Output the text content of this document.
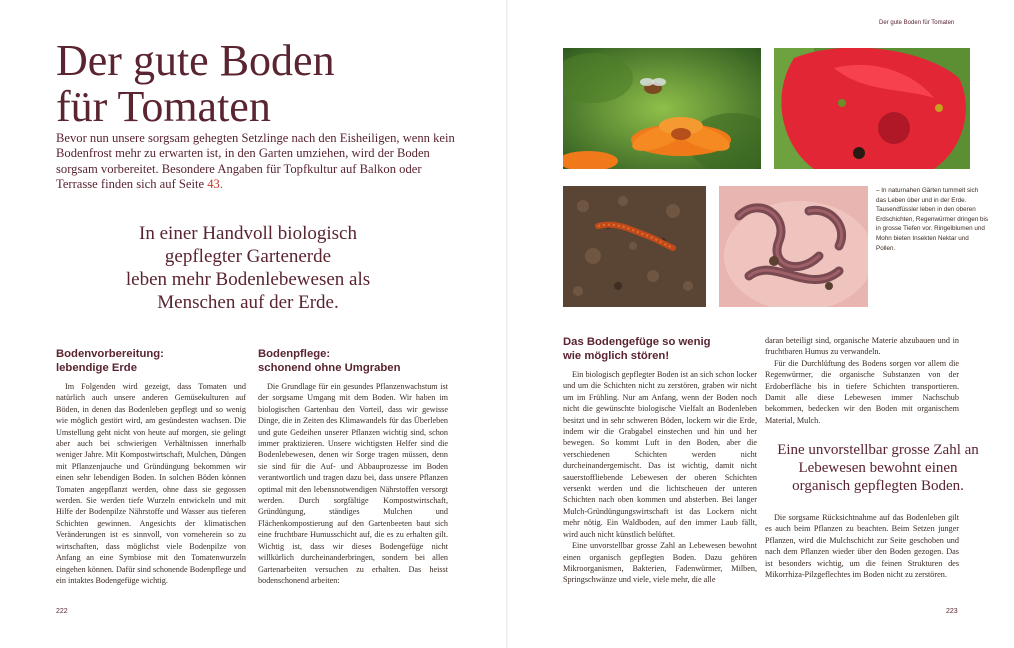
Der gute Boden
für Tomaten

Bevor nun unsere sorgsam gehegten Setzlinge nach den Eisheiligen, wenn kein Bodenfrost mehr zu erwarten ist, in den Garten umziehen, wird der Boden sorgsam vorbereitet. Besondere Angaben für Topfkultur auf Balkon oder Terrasse finden sich auf Seite 43.

In einer Handvoll biologisch
gepflegter Gartenerde
leben mehr Bodenlebewesen als
Menschen auf der Erde.

Bodenvorbereitung:
lebendige Erde

Im Folgenden wird gezeigt, dass Tomaten und natürlich auch unsere anderen Gemüsekulturen auf Böden, in denen das Bodenleben gepflegt und so wenig wie möglich gestört wird, am gesündesten wachsen. Die Umstellung geht nicht von heute auf morgen, sie gelingt aber auch bei schwierigen Verhältnissen innerhalb weniger Jahre. Mit Kompostwirtschaft, Mulchen, Düngen mit Pflanzenjauche und Gründüngung bekommen wir einen sehr lebendigen Boden. In solchen Böden können Tomaten angepflanzt werden, ohne dass sie gegossen werden. Sie werden tiefe Wurzeln entwickeln und mit Hilfe der Bodenpilze Nährstoffe und Wasser aus tieferen Schichten gewinnen. Angesichts der klimatischen Veränderungen ist es sinnvoll, von vorneherein so zu wirtschaften, dass möglichst viele Bodenpilze von Anfang an eine Symbiose mit den Tomatenwurzeln eingehen können. Dafür sind schonende Bodenpflege und ein intaktes Bodengefüge wichtig.

Bodenpflege:
schonend ohne Umgraben

Die Grundlage für ein gesundes Pflanzenwachstum ist der sorgsame Umgang mit dem Boden. Wir haben im biologischen Gartenbau den Vorteil, dass wir gewisse Dinge, die in Zeiten des Klimawandels für das Überleben und gute Gedeihen unserer Pflanzen wichtig sind, schon immer praktizieren. Unsere wichtigsten Helfer sind die Bodenlebewesen, denen wir Sorge tragen müssen, denn sie sind für die Auf- und Abbauprozesse im Boden verantwortlich und tragen dazu bei, dass unsere Pflanzen optimal mit den lebensnotwendigen Nährstoffen versorgt werden. Durch sorgfältige Kompostwirtschaft, Gründüngung, ständiges Mulchen und Flächenkompostierung auf den Gartenbeeten baut sich eine fruchtbare Humusschicht auf, die es zu erhalten gilt. Wichtig ist, dass wir dieses Bodengefüge nicht willkürlich durcheinanderbringen, sondern bei allen Gartenarbeiten versuchen zu erhalten. Das heisst bodenschonend arbeiten:

222
Der gute Boden für Tomaten

– In naturnahen Gärten tummelt sich das Leben über und in der Erde. Tausendfüssler leben in den oberen Erdschichten, Regenwürmer dringen bis in grosse Tiefen vor. Ringelblumen und Mohn bieten Insekten Nektar und Pollen.

Das Bodengefüge so wenig
wie möglich stören!

Ein biologisch gepflegter Boden ist an sich schon locker und um die Schichten nicht zu zerstören, graben wir nicht um im Frühling. Nur am Anfang, wenn der Boden noch nicht die gewünschte biologische Vielfalt an Bodenleben besitzt und in sehr schweren Böden, lockern wir die Erde, indem wir die Grabgabel einstechen und hin und her bewegen. So kommt Luft in den Boden, aber die verschiedenen Schichten werden nicht durcheinandergemischt. Das ist wichtig, damit nicht sauerstoffliebende Lebewesen der oberen Schichten versenkt werden und die lichtscheuen der unteren Schichten nach oben kommen und absterben. Bei langer Mulch-Gründüngungswirtschaft ist das Lockern nicht mehr nötig. Ein Waldboden, auf den immer Laub fällt, wird auch nicht künstlich belüftet.

Eine unvorstellbar grosse Zahl an Lebewesen bewohnt einen organisch gepflegten Boden. Dazu gehören Mikroorganismen, Bakterien, Fadenwürmer, Milben, Springschwänze und viele, viele mehr, die alle

daran beteiligt sind, organische Materie abzubauen und in fruchtbaren Humus zu verwandeln.

Für die Durchlüftung des Bodens sorgen vor allem die Regenwürmer, die organische Substanzen von der Erdoberfläche bis in tiefere Schichten transportieren. Damit alle diese Lebewesen immer Nachschub bekommen, bedecken wir den Boden mit organischem Material, Mulch.

Eine unvorstellbar grosse Zahl an
Lebewesen bewohnt einen
organisch gepflegten Boden.

Die sorgsame Rücksichtnahme auf das Bodenleben gilt es auch beim Pflanzen zu beachten. Beim Setzen junger Pflanzen, wird die Mulchschicht zur Seite geschoben und nach dem Pflanzen wieder über den Boden gezogen. Das ist besonders wichtig, um die feinen Strukturen des Mikorrhiza-Pilzgeflechtes im Boden nicht zu zerstören.

223
